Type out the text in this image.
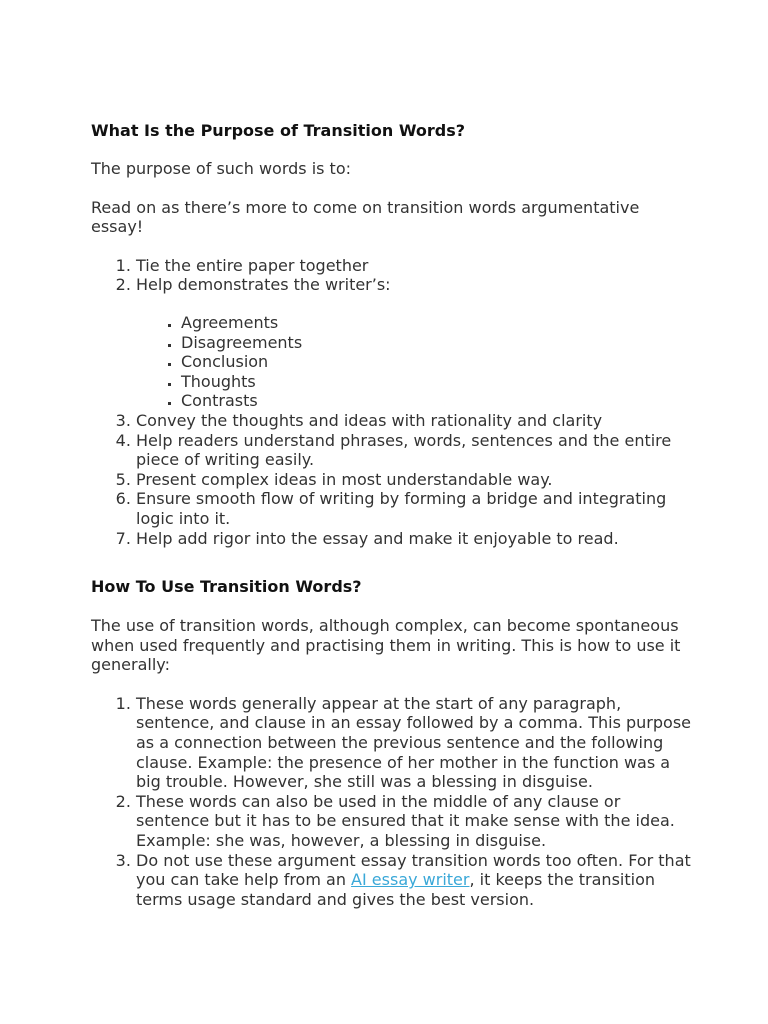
What Is the Purpose of Transition Words?

The purpose of such words is to:

Read on as there’s more to come on transition words argumentative essay!

1. Tie the entire paper together
2. Help demonstrates the writer’s:
▪ Agreements
▪ Disagreements
▪ Conclusion
▪ Thoughts
▪ Contrasts
3. Convey the thoughts and ideas with rationality and clarity
4. Help readers understand phrases, words, sentences and the entire piece of writing easily.
5. Present complex ideas in most understandable way.
6. Ensure smooth flow of writing by forming a bridge and integrating logic into it.
7. Help add rigor into the essay and make it enjoyable to read.
How To Use Transition Words?

The use of transition words, although complex, can become spontaneous when used frequently and practising them in writing. This is how to use it generally:

1. These words generally appear at the start of any paragraph, sentence, and clause in an essay followed by a comma. This purpose as a connection between the previous sentence and the following clause. Example: the presence of her mother in the function was a big trouble. However, she still was a blessing in disguise.
2. These words can also be used in the middle of any clause or sentence but it has to be ensured that it make sense with the idea. Example: she was, however, a blessing in disguise.
3. Do not use these argument essay transition words too often. For that you can take help from an AI essay writer, it keeps the transition terms usage standard and gives the best version.
